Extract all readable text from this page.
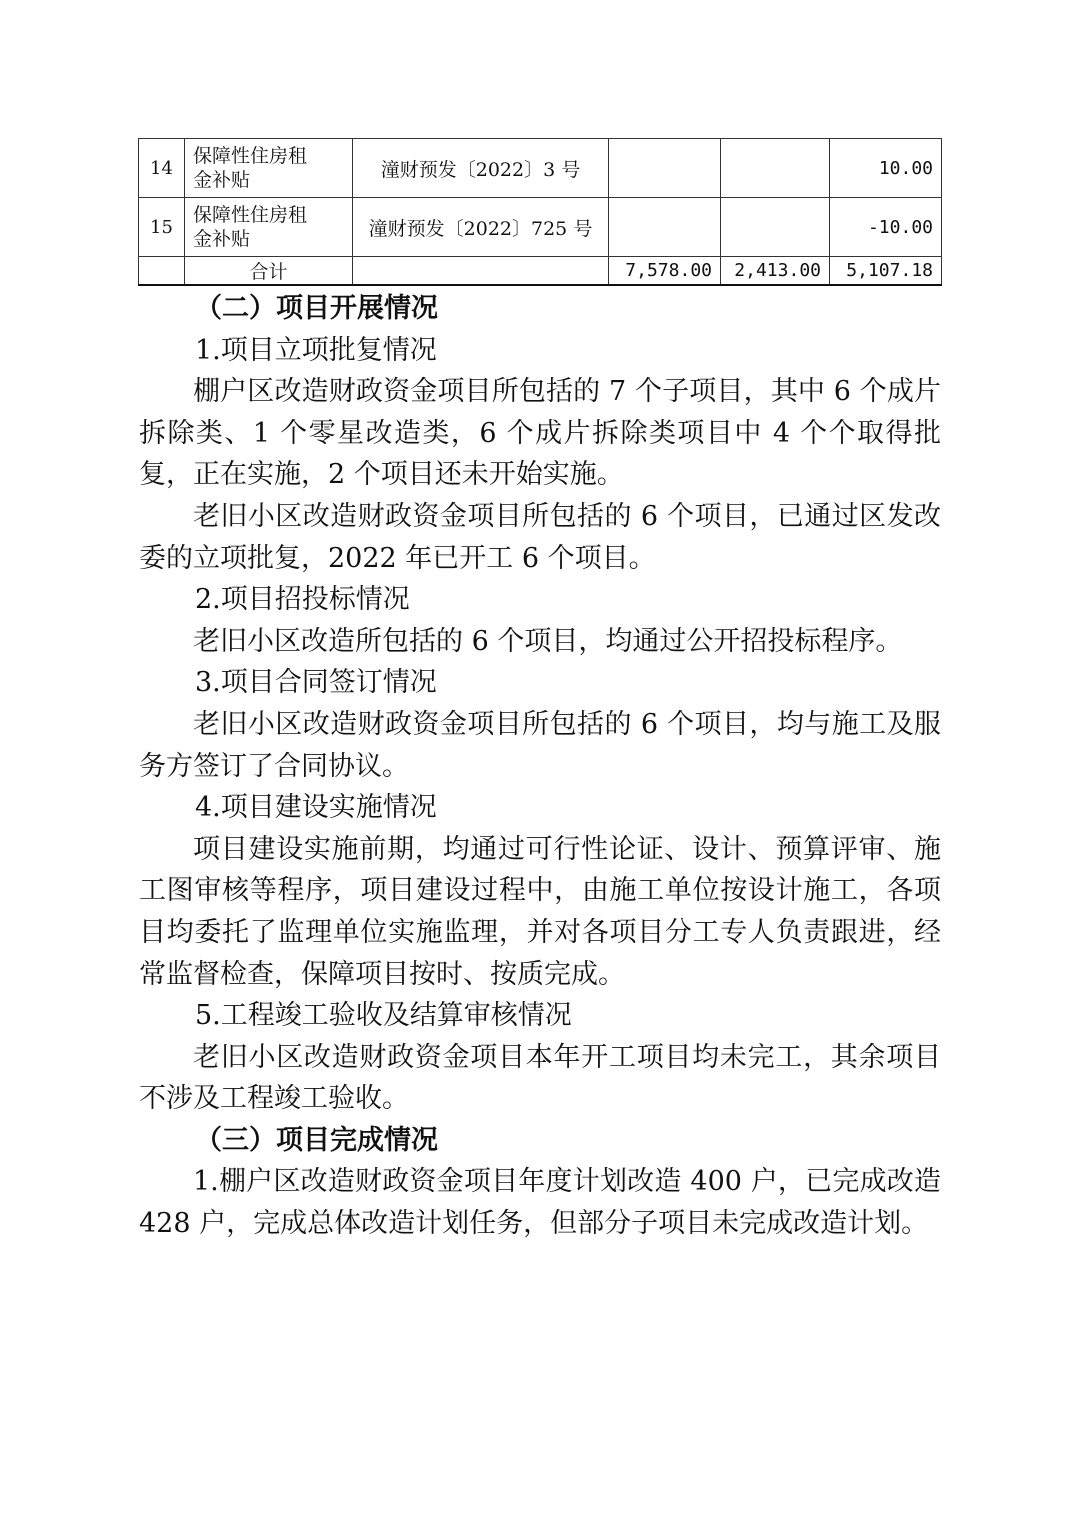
14	保障性住房租
金补贴	潼财预发〔2022〕3 号			10.00
15	保障性住房租
金补贴	潼财预发〔2022〕725 号			-10.00
	合计		7,578.00	2,413.00	5,107.18

（二）项目开展情况

1.项目立项批复情况

棚户区改造财政资金项目所包括的 7 个子项目，其中 6 个成片拆除类、1 个零星改造类，6 个成片拆除类项目中 4 个个取得批复，正在实施，2 个项目还未开始实施。

老旧小区改造财政资金项目所包括的 6 个项目，已通过区发改委的立项批复，2022 年已开工 6 个项目。

2.项目招投标情况

老旧小区改造所包括的 6 个项目，均通过公开招投标程序。

3.项目合同签订情况

老旧小区改造财政资金项目所包括的 6 个项目，均与施工及服务方签订了合同协议。

4.项目建设实施情况

项目建设实施前期，均通过可行性论证、设计、预算评审、施工图审核等程序，项目建设过程中，由施工单位按设计施工，各项目均委托了监理单位实施监理，并对各项目分工专人负责跟进，经常监督检查，保障项目按时、按质完成。

5.工程竣工验收及结算审核情况

老旧小区改造财政资金项目本年开工项目均未完工，其余项目不涉及工程竣工验收。

（三）项目完成情况

1.棚户区改造财政资金项目年度计划改造 400 户，已完成改造 428 户，完成总体改造计划任务，但部分子项目未完成改造计划。
